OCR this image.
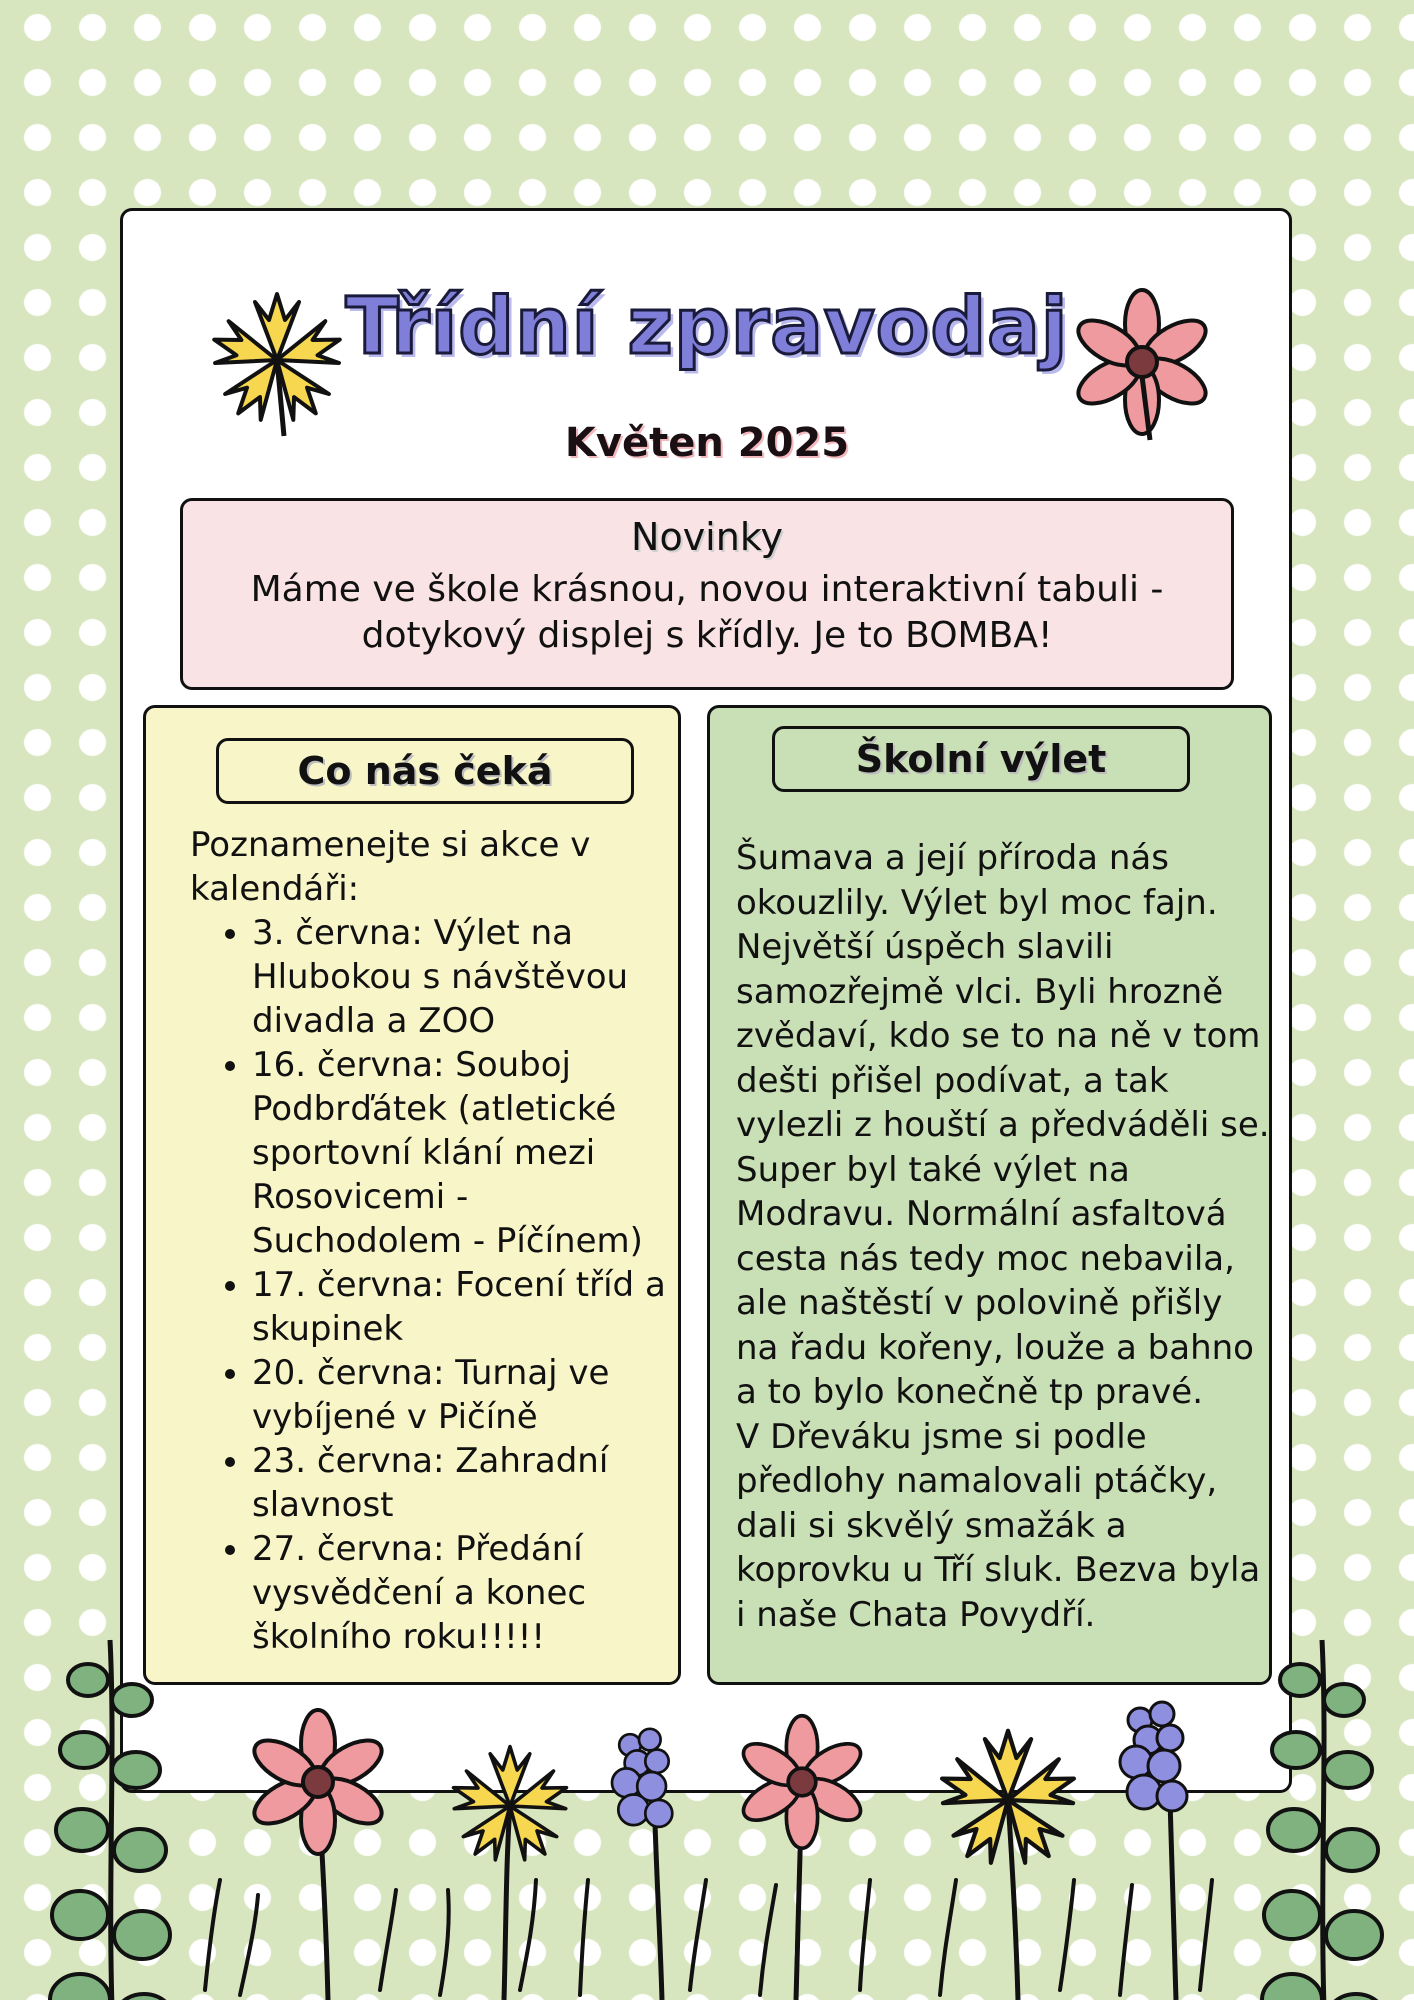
Třídní zpravodaj
Květen 2025
Novinky
Máme ve škole krásnou, novou interaktivní tabuli - dotykový displej s křídly. Je to BOMBA!
Co nás čeká
Poznamenejte si akce v kalendáři:
• 3. června: Výlet na Hlubokou s návštěvou divadla a ZOO
• 16. června: Souboj Podbrďátek (atletické sportovní klání mezi Rosovicemi - Suchodolem - Píčínem)
• 17. června: Focení tříd a skupinek
• 20. června: Turnaj ve vybíjené v Pičíně
• 23. června: Zahradní slavnost
• 27. června: Předání vysvědčení a konec školního roku!!!!!
Školní výlet

Šumava a její příroda nás okouzlily. Výlet byl moc fajn. Největší úspěch slavili samozřejmě vlci. Byli hrozně zvědaví, kdo se to na ně v tom dešti přišel podívat, a tak vylezli z houští a předváděli se. Super byl také výlet na Modravu. Normální asfaltová cesta nás tedy moc nebavila, ale naštěstí v polovině přišly na řadu kořeny, louže a bahno a to bylo konečně tp pravé.

V Dřeváku jsme si podle předlohy namalovali ptáčky, dali si skvělý smažák a koprovku u Tří sluk. Bezva byla i naše Chata Povydří.
